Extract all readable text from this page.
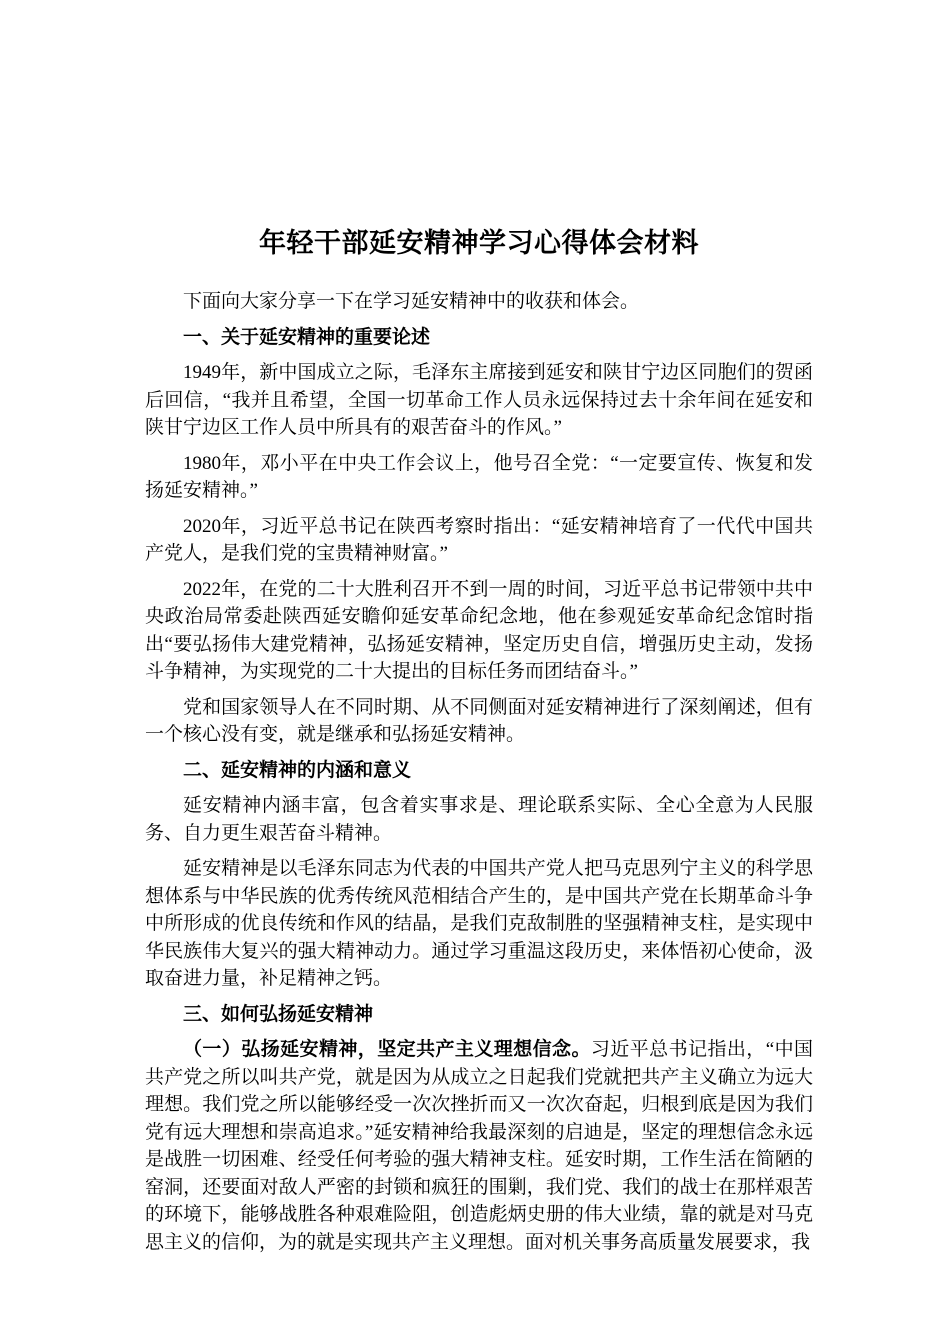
年轻干部延安精神学习心得体会材料

下面向大家分享一下在学习延安精神中的收获和体会。

一、关于延安精神的重要论述

1949年，新中国成立之际，毛泽东主席接到延安和陕甘宁边区同胞们的贺函后回信，“我并且希望，全国一切革命工作人员永远保持过去十余年间在延安和陕甘宁边区工作人员中所具有的艰苦奋斗的作风。”

1980年，邓小平在中央工作会议上，他号召全党：“一定要宣传、恢复和发扬延安精神。”

2020年，习近平总书记在陕西考察时指出：“延安精神培育了一代代中国共产党人，是我们党的宝贵精神财富。”

2022年，在党的二十大胜利召开不到一周的时间，习近平总书记带领中共中央政治局常委赴陕西延安瞻仰延安革命纪念地，他在参观延安革命纪念馆时指出“要弘扬伟大建党精神，弘扬延安精神，坚定历史自信，增强历史主动，发扬斗争精神，为实现党的二十大提出的目标任务而团结奋斗。”

党和国家领导人在不同时期、从不同侧面对延安精神进行了深刻阐述，但有一个核心没有变，就是继承和弘扬延安精神。

二、延安精神的内涵和意义

延安精神内涵丰富，包含着实事求是、理论联系实际、全心全意为人民服务、自力更生艰苦奋斗精神。

延安精神是以毛泽东同志为代表的中国共产党人把马克思列宁主义的科学思想体系与中华民族的优秀传统风范相结合产生的，是中国共产党在长期革命斗争中所形成的优良传统和作风的结晶，是我们克敌制胜的坚强精神支柱，是实现中华民族伟大复兴的强大精神动力。通过学习重温这段历史，来体悟初心使命，汲取奋进力量，补足精神之钙。

三、如何弘扬延安精神

（一）弘扬延安精神，坚定共产主义理想信念。习近平总书记指出，“中国共产党之所以叫共产党，就是因为从成立之日起我们党就把共产主义确立为远大理想。我们党之所以能够经受一次次挫折而又一次次奋起，归根到底是因为我们党有远大理想和崇高追求。”延安精神给我最深刻的启迪是，坚定的理想信念永远是战胜一切困难、经受任何考验的强大精神支柱。延安时期，工作生活在简陋的窑洞，还要面对敌人严密的封锁和疯狂的围剿，我们党、我们的战士在那样艰苦的环境下，能够战胜各种艰难险阻，创造彪炳史册的伟大业绩，靠的就是对马克思主义的信仰，为的就是实现共产主义理想。面对机关事务高质量发展要求，我
